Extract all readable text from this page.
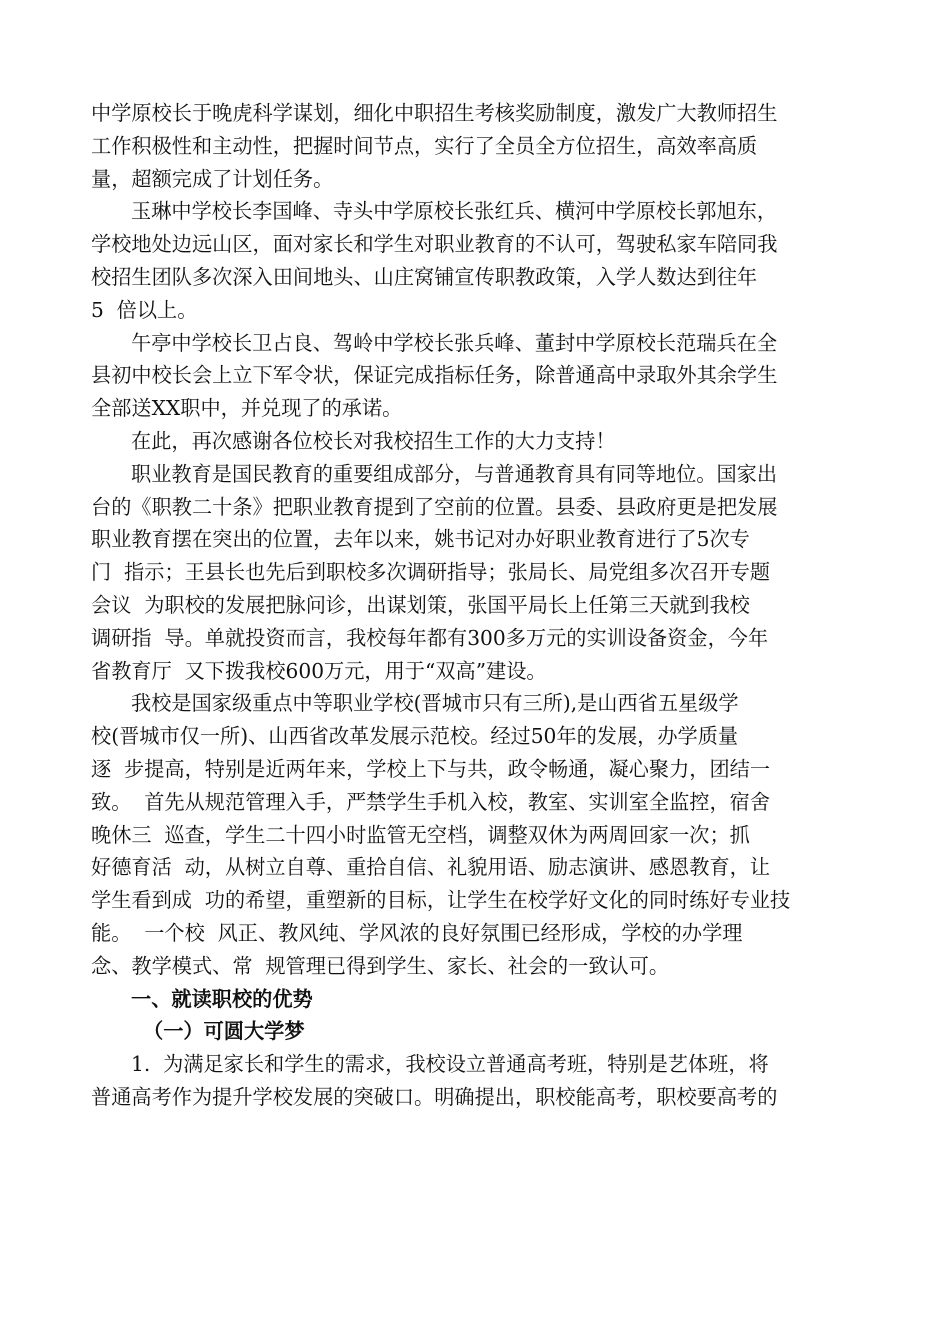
中学原校长于晚虎科学谋划，细化中职招生考核奖励制度，激发广大教师招生
工作积极性和主动性，把握时间节点，实行了全员全方位招生，高效率高质
量，超额完成了计划任务。
玉琳中学校长李国峰、寺头中学原校长张红兵、横河中学原校长郭旭东，
学校地处边远山区，面对家长和学生对职业教育的不认可，驾驶私家车陪同我
校招生团队多次深入田间地头、山庄窝铺宣传职教政策，入学人数达到往年
5  倍以上。
午亭中学校长卫占良、驾岭中学校长张兵峰、董封中学原校长范瑞兵在全
县初中校长会上立下军令状，保证完成指标任务，除普通高中录取外其余学生
全部送XX职中，并兑现了的承诺。
在此，再次感谢各位校长对我校招生工作的大力支持！
职业教育是国民教育的重要组成部分，与普通教育具有同等地位。国家出
台的《职教二十条》把职业教育提到了空前的位置。县委、县政府更是把发展
职业教育摆在突出的位置，去年以来，姚书记对办好职业教育进行了5次专
门  指示；王县长也先后到职校多次调研指导；张局长、局党组多次召开专题
会议  为职校的发展把脉问诊，出谋划策，张国平局长上任第三天就到我校
调研指  导。单就投资而言，我校每年都有300多万元的实训设备资金，今年
省教育厅  又下拨我校600万元，用于“双高”建设。
我校是国家级重点中等职业学校(晋城市只有三所),是山西省五星级学
校(晋城市仅一所)、山西省改革发展示范校。经过50年的发展，办学质量
逐  步提高，特别是近两年来，学校上下与共，政令畅通，凝心聚力，团结一
致。  首先从规范管理入手，严禁学生手机入校，教室、实训室全监控，宿舍
晚休三  巡查，学生二十四小时监管无空档，调整双休为两周回家一次；抓
好德育活  动，从树立自尊、重拾自信、礼貌用语、励志演讲、感恩教育，让
学生看到成  功的希望，重塑新的目标，让学生在校学好文化的同时练好专业技
能。  一个校  风正、教风纯、学风浓的良好氛围已经形成，学校的办学理
念、教学模式、常  规管理已得到学生、家长、社会的一致认可。
一、就读职校的优势
（一）可圆大学梦
1.  为满足家长和学生的需求，我校设立普通高考班，特别是艺体班，将
普通高考作为提升学校发展的突破口。明确提出，职校能高考，职校要高考的
